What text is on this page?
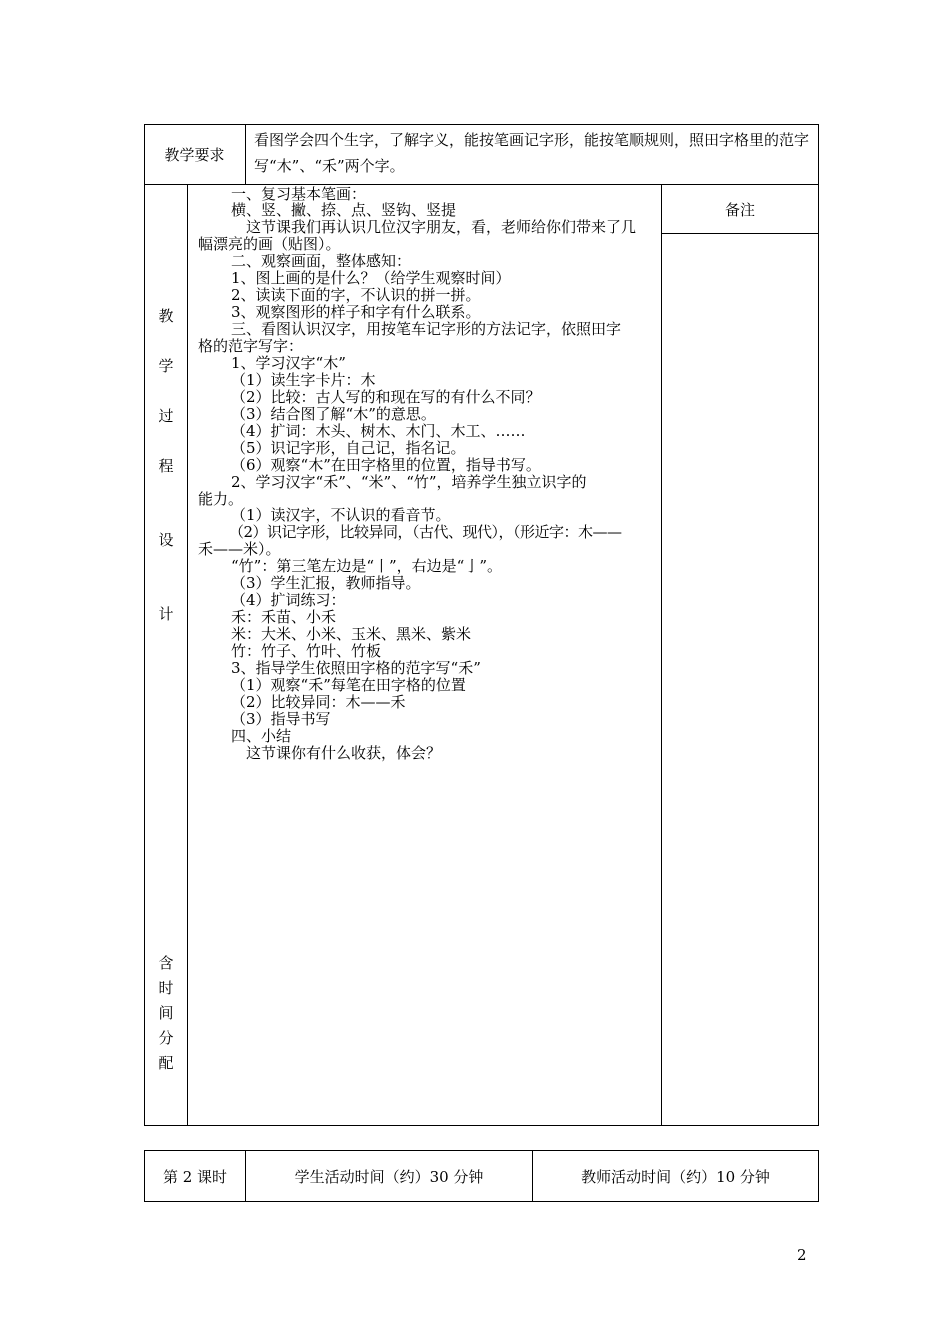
教学要求
看图学会四个生字，了解字义，能按笔画记字形，能按笔顺规则，照田字格里的范字写“木”、“禾”两个字。
教
学
过
程
设
计
含
时
间
分
配
备注
一、复习基本笔画：
横、竖、撇、捺、点、竖钩、竖提
这节课我们再认识几位汉字朋友，看，老师给你们带来了几
幅漂亮的画（贴图）。
二、观察画面，整体感知：
1、图上画的是什么？（给学生观察时间）
2、读读下面的字，不认识的拼一拼。
3、观察图形的样子和字有什么联系。
三、看图认识汉字，用按笔车记字形的方法记字，依照田字
格的范字写字：
1、学习汉字“木”
（1）读生字卡片：木
（2）比较：古人写的和现在写的有什么不同？
（3）结合图了解“木”的意思。
（4）扩词：木头、树木、木门、木工、……
（5）识记字形，自己记，指名记。
（6）观察“木”在田字格里的位置，指导书写。
2、学习汉字“禾”、“米”、“竹”，培养学生独立识字的
能力。
（1）读汉字，不认识的看音节。
（2）识记字形，比较异同，（古代、现代），（形近字：木——
禾——米）。
“竹”：第三笔左边是“丨”，右边是“亅”。
（3）学生汇报，教师指导。
（4）扩词练习：
禾：禾苗、小禾
米：大米、小米、玉米、黑米、紫米
竹：竹子、竹叶、竹板
3、指导学生依照田字格的范字写“禾”
（1）观察“禾”每笔在田字格的位置
（2）比较异同：木——禾
（3）指导书写
四、小结
这节课你有什么收获，体会？
第 2 课时	学生活动时间（约）30 分钟	教师活动时间（约）10 分钟
2
